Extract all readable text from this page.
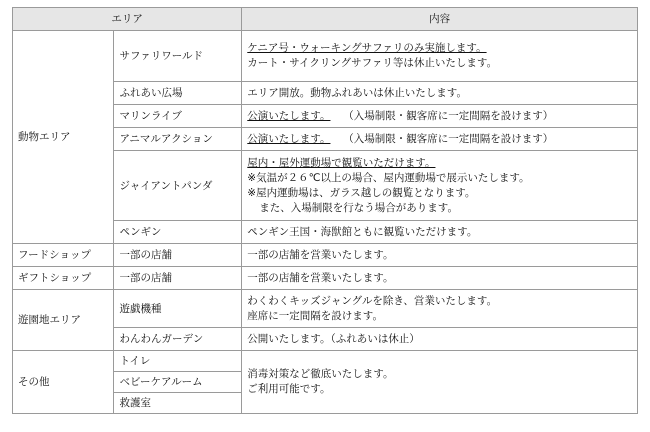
エリア		内容
動物エリア	サファリワールド	ケニア号・ウォーキングサファリのみ実施します。
カート・サイクリングサファリ等は休止いたします。

	ふれあい広場	エリア開放。動物ふれあいは休止いたします。
	マリンライブ	公演いたします。 （入場制限・観客席に一定間隔を設けます）
	アニマルアクション	公演いたします。 （入場制限・観客席に一定間隔を設けます）
	ジャイアントパンダ	屋内・屋外運動場で観覧いただけます。
※気温が２６℃以上の場合、屋内運動場で展示いたします。
※屋内運動場は、ガラス越しの観覧となります。
また、入場制限を行なう場合があります。

	ペンギン	ペンギン王国・海獣館ともに観覧いただけます。
フードショップ	一部の店舗	一部の店舗を営業いたします。
ギフトショップ	一部の店舗	一部の店舗を営業いたします。
遊園地エリア	遊戯機種	わくわくキッズジャングルを除き、営業いたします。
座席に一定間隔を設けます。

	わんわんガーデン	公開いたします。（ふれあいは休止）
その他	トイレ	消毒対策など徹底いたします。
ご利用可能です。

	ベビーケアルーム	
	救護室	
